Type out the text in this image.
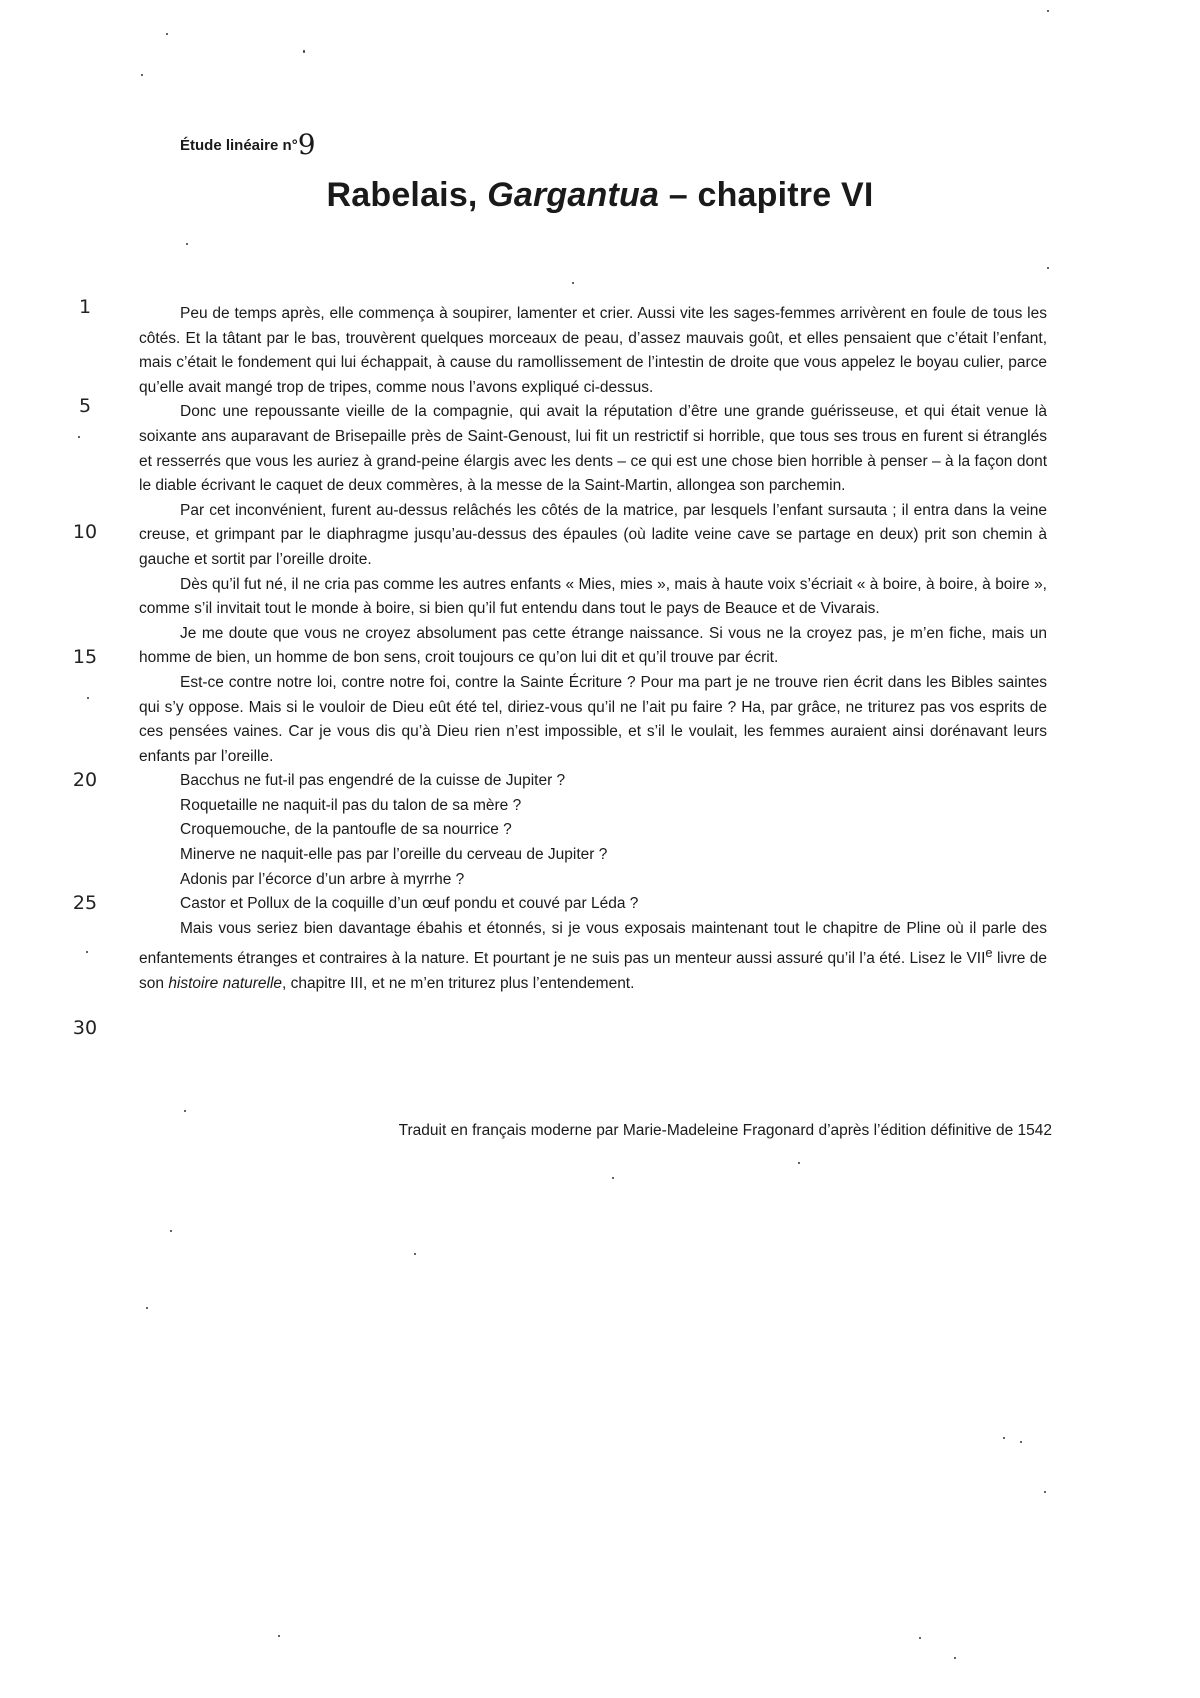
Étude linéaire n°9
Rabelais, Gargantua – chapitre VI
1
5
10
15
20
25
30

Peu de temps après, elle commença à soupirer, lamenter et crier. Aussi vite les sages-femmes arrivèrent en foule de tous les côtés. Et la tâtant par le bas, trouvèrent quelques morceaux de peau, d’assez mauvais goût, et elles pensaient que c’était l’enfant, mais c’était le fondement qui lui échappait, à cause du ramollissement de l’intestin de droite que vous appelez le boyau culier, parce qu’elle avait mangé trop de tripes, comme nous l’avons expliqué ci-dessus.

Donc une repoussante vieille de la compagnie, qui avait la réputation d’être une grande guérisseuse, et qui était venue là soixante ans auparavant de Brisepaille près de Saint-Genoust, lui fit un restrictif si horrible, que tous ses trous en furent si étranglés et resserrés que vous les auriez à grand-peine élargis avec les dents – ce qui est une chose bien horrible à penser – à la façon dont le diable écrivant le caquet de deux commères, à la messe de la Saint-Martin, allongea son parchemin.

Par cet inconvénient, furent au-dessus relâchés les côtés de la matrice, par lesquels l’enfant sursauta ; il entra dans la veine creuse, et grimpant par le diaphragme jusqu’au-dessus des épaules (où ladite veine cave se partage en deux) prit son chemin à gauche et sortit par l’oreille droite.

Dès qu’il fut né, il ne cria pas comme les autres enfants « Mies, mies », mais à haute voix s’écriait « à boire, à boire, à boire », comme s’il invitait tout le monde à boire, si bien qu’il fut entendu dans tout le pays de Beauce et de Vivarais.

Je me doute que vous ne croyez absolument pas cette étrange naissance. Si vous ne la croyez pas, je m’en fiche, mais un homme de bien, un homme de bon sens, croit toujours ce qu’on lui dit et qu’il trouve par écrit.

Est-ce contre notre loi, contre notre foi, contre la Sainte Écriture ? Pour ma part je ne trouve rien écrit dans les Bibles saintes qui s’y oppose. Mais si le vouloir de Dieu eût été tel, diriez-vous qu’il ne l’ait pu faire ? Ha, par grâce, ne triturez pas vos esprits de ces pensées vaines. Car je vous dis qu’à Dieu rien n’est impossible, et s’il le voulait, les femmes auraient ainsi dorénavant leurs enfants par l’oreille.

Bacchus ne fut-il pas engendré de la cuisse de Jupiter ?

Roquetaille ne naquit-il pas du talon de sa mère ?

Croquemouche, de la pantoufle de sa nourrice ?

Minerve ne naquit-elle pas par l’oreille du cerveau de Jupiter ?

Adonis par l’écorce d’un arbre à myrrhe ?

Castor et Pollux de la coquille d’un œuf pondu et couvé par Léda ?

Mais vous seriez bien davantage ébahis et étonnés, si je vous exposais maintenant tout le chapitre de Pline où il parle des enfantements étranges et contraires à la nature. Et pourtant je ne suis pas un menteur aussi assuré qu’il l’a été. Lisez le VIIe livre de son histoire naturelle, chapitre III, et ne m’en triturez plus l’entendement.

Traduit en français moderne par Marie-Madeleine Fragonard d’après l’édition définitive de 1542
